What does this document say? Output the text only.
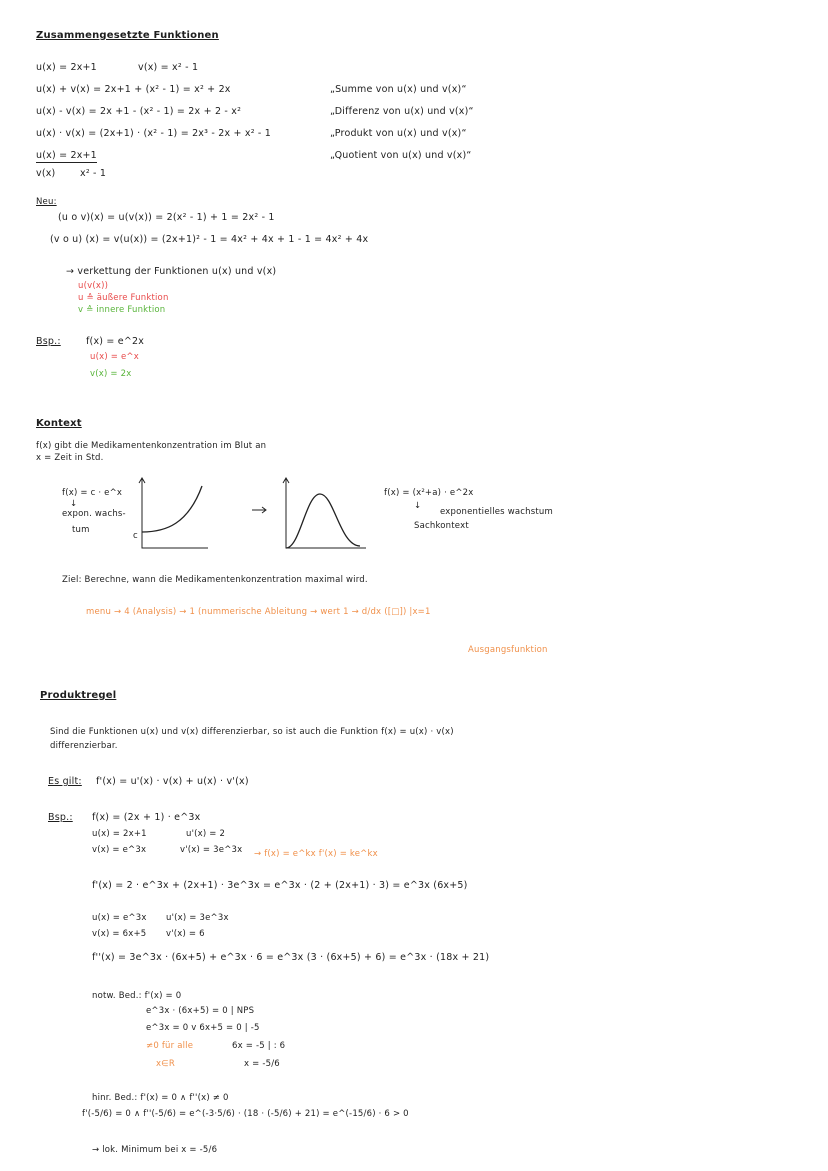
Zusammengesetzte Funktionen
u(x) = 2x+1	v(x) = x² - 1
u(x) + v(x) = 2x+1 + (x² - 1) = x² + 2x	„Summe von u(x) und v(x)“
u(x) - v(x) = 2x +1 - (x² - 1) = 2x + 2 - x²	„Differenz von u(x) und v(x)“
u(x) · v(x) = (2x+1) · (x² - 1) = 2x³ - 2x + x² - 1	„Produkt von u(x) und v(x)“
u(x) = 2x+1	„Quotient von u(x) und v(x)“
v(x)	x² - 1
Neu:
(u o v)(x) = u(v(x)) = 2(x² - 1) + 1 = 2x² - 1
(v o u) (x) = v(u(x)) = (2x+1)² - 1 = 4x² + 4x + 1 - 1 = 4x² + 4x
→ verkettung der Funktionen u(x) und v(x)
u(v(x))
u ≙ äußere Funktion
v ≙ innere Funktion
Bsp.:	f(x) = e^2x
u(x) = e^x
v(x) = 2x
Kontext
f(x) gibt die Medikamentenkonzentration im Blut an
x = Zeit in Std.
f(x) = c · e^x
↓
expon. wachs-
tum
c
f(x) = (x²+a) · e^2x
↓
exponentielles wachstum
Sachkontext
Ziel: Berechne, wann die Medikamentenkonzentration maximal wird.
menu → 4 (Analysis) → 1 (nummerische Ableitung → wert 1 → d/dx ([□]) |x=1
Ausgangsfunktion
Produktregel
Sind die Funktionen u(x) und v(x) differenzierbar, so ist auch die Funktion f(x) = u(x) · v(x)
differenzierbar.
Es gilt: f'(x) = u'(x) · v(x) + u(x) · v'(x)
Bsp.: f(x) = (2x + 1) · e^3x
u(x) = 2x+1	u'(x) = 2
v(x) = e^3x	v'(x) = 3e^3x → f(x) = e^kx f'(x) = ke^kx
f'(x) = 2 · e^3x + (2x+1) · 3e^3x = e^3x · (2 + (2x+1) · 3) = e^3x (6x+5)
u(x) = e^3x u'(x) = 3e^3x
v(x) = 6x+5 v'(x) = 6
f''(x) = 3e^3x · (6x+5) + e^3x · 6 = e^3x (3 · (6x+5) + 6) = e^3x · (18x + 21)
notw. Bed.: f'(x) = 0
e^3x · (6x+5) = 0 | NPS
e^3x = 0 v 6x+5 = 0 | -5
≠0 für alle	6x = -5 | : 6
x∈R	x = -5/6
hinr. Bed.: f'(x) = 0 ∧ f''(x) ≠ 0
f'(-5/6) = 0 ∧ f''(-5/6) = e^(-3·5/6) · (18 · (-5/6) + 21) = e^(-15/6) · 6 > 0
→ lok. Minimum bei x = -5/6
